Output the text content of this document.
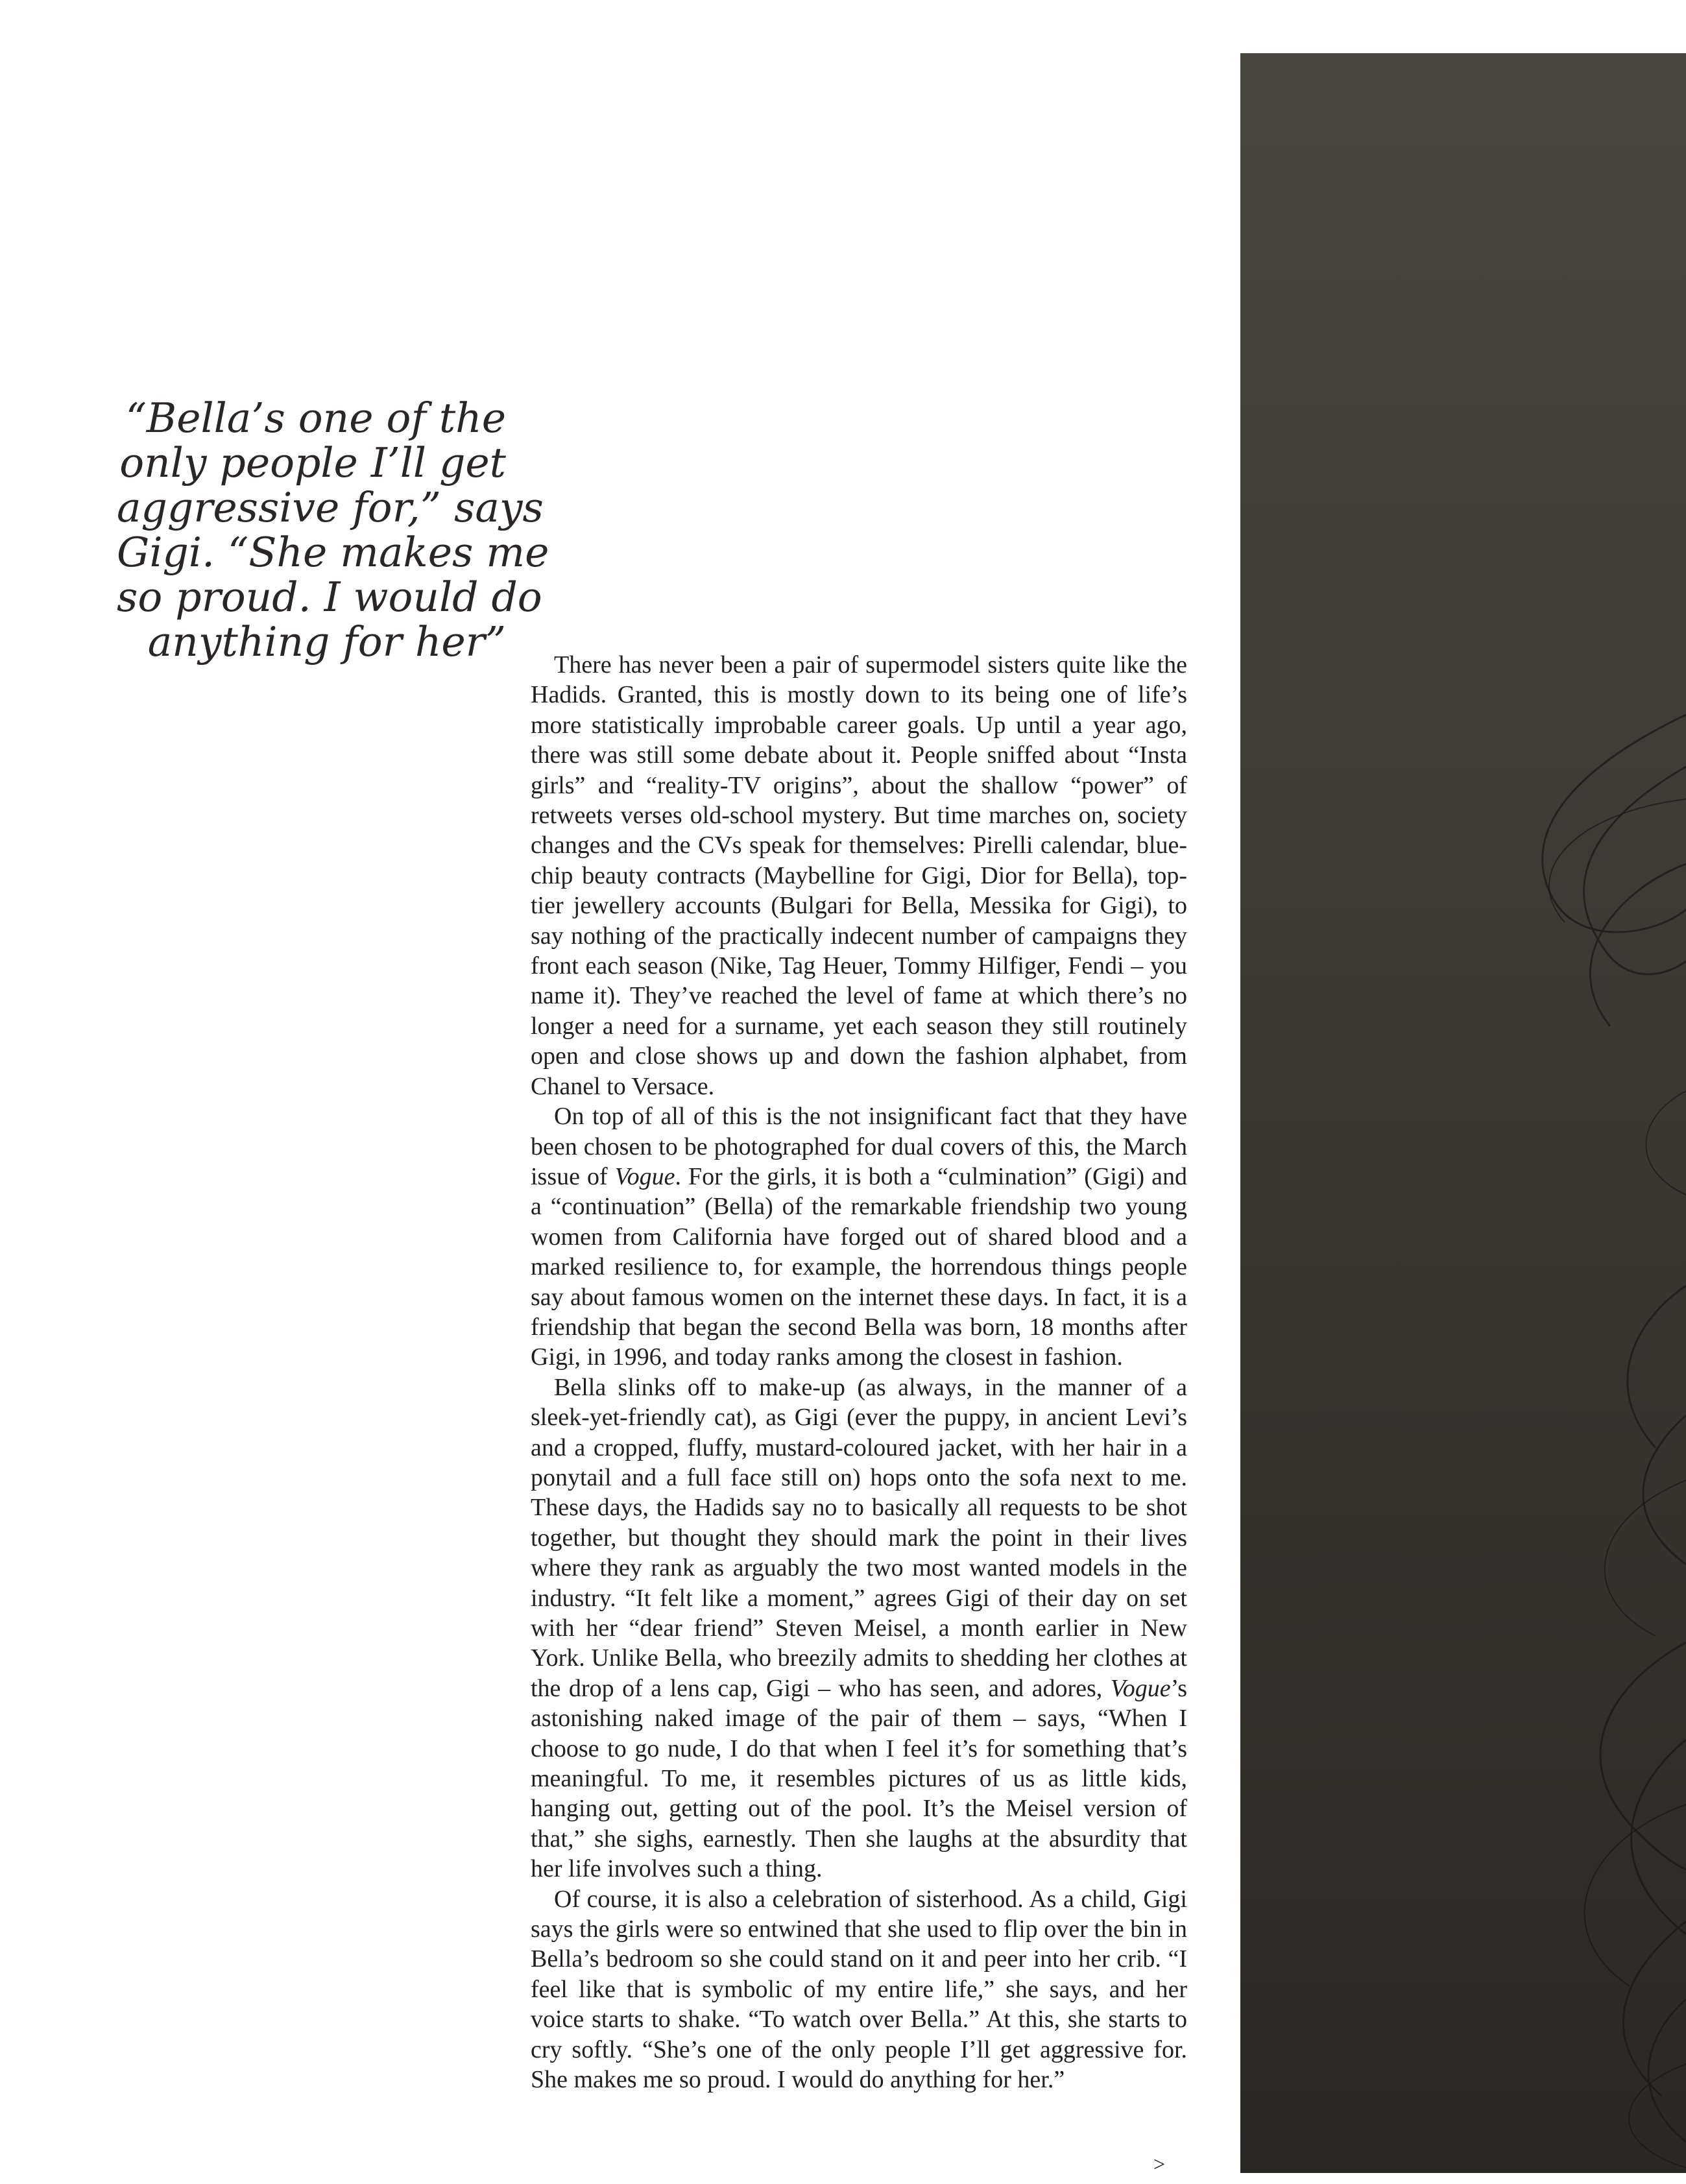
“Bella’s one of the
only people I’ll get
aggressive for,” says
Gigi. “She makes me
so proud. I would do
anything for her”	There has never been a pair of supermodel sisters quite like the Hadids. Granted, this is mostly down to its being one of life’s more statistically improbable career goals. Up until a year ago, there was still some debate about it. People sniffed about “Insta girls” and “reality-TV origins”, about the shallow “power” of retweets verses old-school mystery. But time marches on, society changes and the CVs speak for themselves: Pirelli calendar, blue-chip beauty contracts (Maybelline for Gigi, Dior for Bella), top-tier jewellery accounts (Bulgari for Bella, Messika for Gigi), to say nothing of the practically indecent number of campaigns they front each season (Nike, Tag Heuer, Tommy Hilfiger, Fendi – you name it). They’ve reached the level of fame at which there’s no longer a need for a surname, yet each season they still routinely open and close shows up and down the fashion alphabet, from Chanel to Versace.

On top of all of this is the not insignificant fact that they have been chosen to be photographed for dual covers of this, the March issue of Vogue. For the girls, it is both a “culmination” (Gigi) and a “continuation” (Bella) of the remarkable friendship two young women from California have forged out of shared blood and a marked resilience to, for example, the horrendous things people say about famous women on the internet these days. In fact, it is a friendship that began the second Bella was born, 18 months after Gigi, in 1996, and today ranks among the closest in fashion.

Bella slinks off to make-up (as always, in the manner of a sleek-yet-friendly cat), as Gigi (ever the puppy, in ancient Levi’s and a cropped, fluffy, mustard-coloured jacket, with her hair in a ponytail and a full face still on) hops onto the sofa next to me. These days, the Hadids say no to basically all requests to be shot together, but thought they should mark the point in their lives where they rank as arguably the two most wanted models in the industry. “It felt like a moment,” agrees Gigi of their day on set with her “dear friend” Steven Meisel, a month earlier in New York. Unlike Bella, who breezily admits to shedding her clothes at the drop of a lens cap, Gigi – who has seen, and adores, Vogue’s astonishing naked image of the pair of them – says, “When I choose to go nude, I do that when I feel it’s for something that’s meaningful. To me, it resembles pictures of us as little kids, hanging out, getting out of the pool. It’s the Meisel version of that,” she sighs, earnestly. Then she laughs at the absurdity that her life involves such a thing.

Of course, it is also a celebration of sisterhood. As a child, Gigi says the girls were so entwined that she used to flip over the bin in Bella’s bedroom so she could stand on it and peer into her crib. “I feel like that is symbolic of my entire life,” she says, and her voice starts to shake. “To watch over Bella.” At this, she starts to cry softly. “She’s one of the only people I’ll get aggressive for. She makes me so proud. I would do anything for her.”

>
